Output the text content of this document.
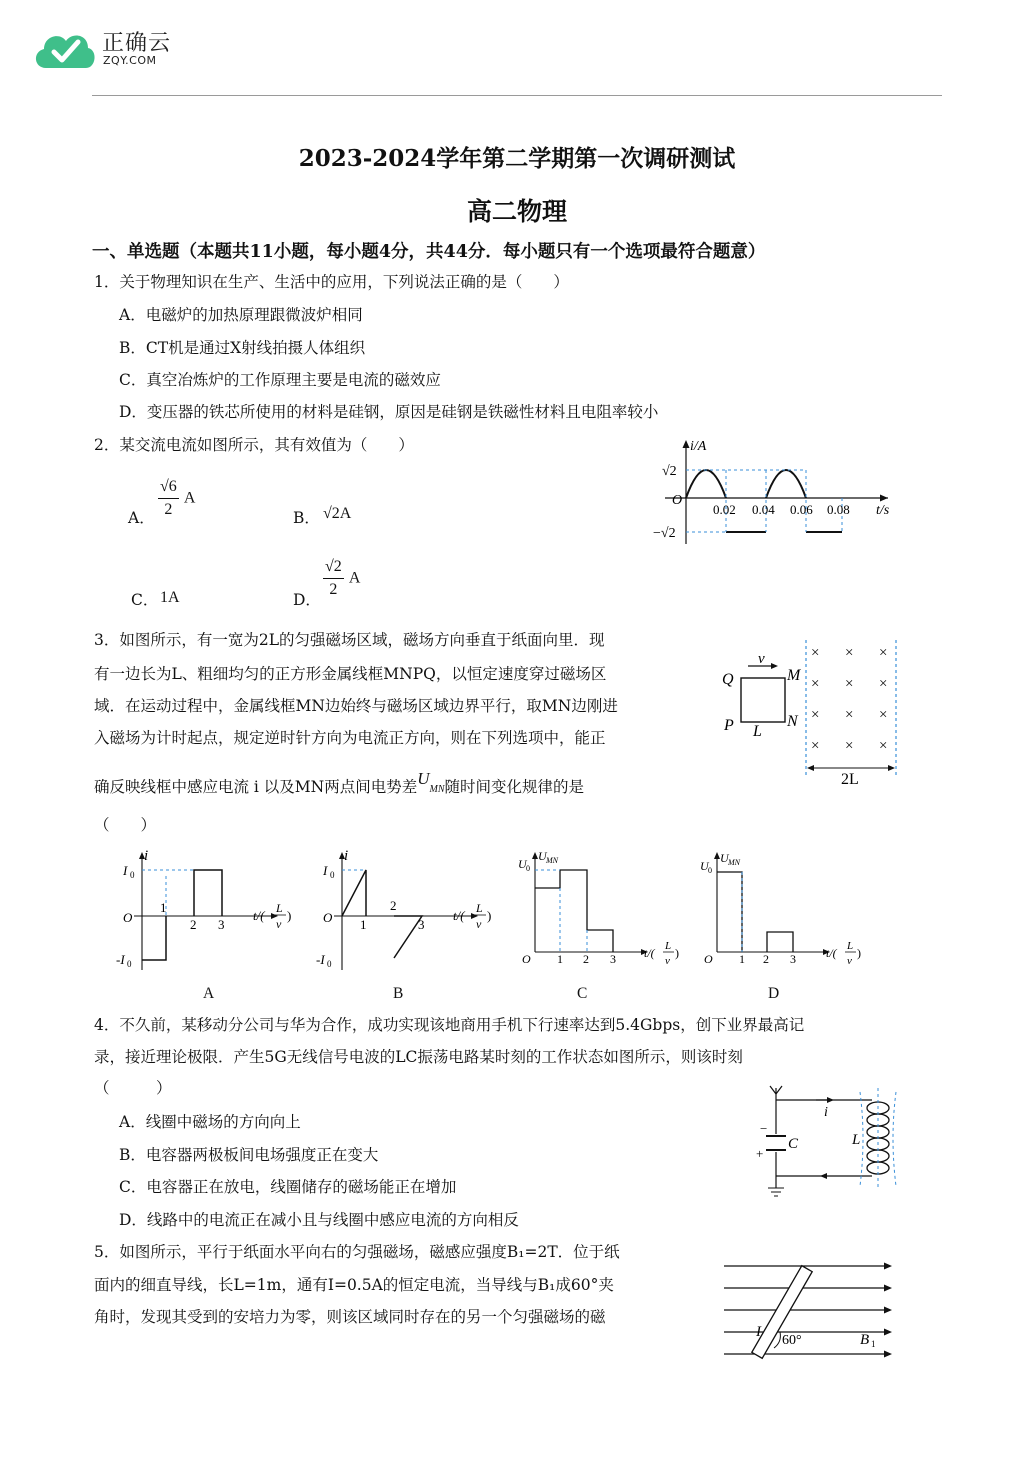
正确云
ZQY.COM
2023-2024学年第二学期第一次调研测试
高二物理
一、单选题（本题共11小题，每小题4分，共44分．每小题只有一个选项最符合题意）
1．关于物理知识在生产、生活中的应用，下列说法正确的是（　　）
A．电磁炉的加热原理跟微波炉相同
B．CT机是通过X射线拍摄人体组织
C．真空冶炼炉的工作原理主要是电流的磁效应
D．变压器的铁芯所使用的材料是硅钢，原因是硅钢是铁磁性材料且电阻率较小
2．某交流电流如图所示，其有效值为（　　）
A． $\frac{√6}{2}$ A
B． √2A
C． 1A	D．
$\frac{√2}{2}$ A
i/A
√2
O
−√2
0.02 0.04 0.06 0.08 t/s
3．如图所示，有一宽为2L的匀强磁场区域，磁场方向垂直于纸面向里．现
有一边长为L、粗细均匀的正方形金属线框MNPQ，以恒定速度穿过磁场区
域．在运动过程中，金属线框MN边始终与磁场区域边界平行，取MN边刚进
入磁场为计时起点，规定逆时针方向为电流正方向，则在下列选项中，能正
确反映线框中感应电流 i 以及MN两点间电势差UMN随时间变化规律的是
（　　）
Q	M
P	N
L
v	× × ×
× × ×
× × ×
× × ×
2L
i
I 0
O
-I 0
1
2 3
t/( L
v
)
i
I 0
O
-I 0
1
2
3
t/( L
v
)
U 0
U MN
O 1 2 3 t/( L
v
)
U 0
U MN
O 1 2 3	t/( L
v
)
A	B	C	D
4．不久前，某移动分公司与华为合作，成功实现该地商用手机下行速率达到5.4Gbps，创下业界最高记
录，接近理论极限．产生5G无线信号电波的LC振荡电路某时刻的工作状态如图所示，则该时刻
（　　　）
A．线圈中磁场的方向向上
B．电容器两极板间电场强度正在变大
C．电容器正在放电，线圈储存的磁场能正在增加
D．线路中的电流正在减小且与线圈中感应电流的方向相反
−
+
C
i
L
5．如图所示，平行于纸面水平向右的匀强磁场，磁感应强度B₁=2T．位于纸
面内的细直导线，长L=1m，通有I=0.5A的恒定电流，当导线与B₁成60°夹
角时，发现其受到的安培力为零，则该区域同时存在的另一个匀强磁场的磁
I
60°	B 1
